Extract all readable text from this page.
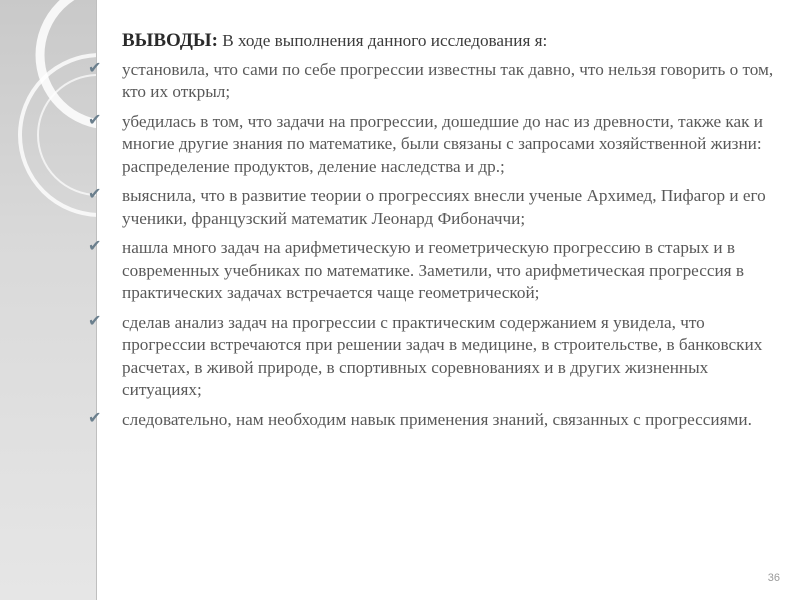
ВЫВОДЫ: В ходе выполнения данного исследования я:
✔ установила, что сами по себе прогрессии известны так давно, что нельзя говорить о том, кто их открыл;
✔ убедилась в том, что задачи на прогрессии, дошедшие до нас из древности, также как и многие другие знания по математике, были связаны с запросами хозяйственной жизни: распределение продуктов, деление наследства и др.;
✔ выяснила, что в развитие теории о прогрессиях внесли ученые Архимед, Пифагор и его ученики, французский математик Леонард Фибоначчи;
✔ нашла много задач на арифметическую и геометрическую прогрессию в старых и в современных учебниках по математике. Заметили, что арифметическая прогрессия в практических задачах встречается чаще геометрической;
✔ сделав анализ задач на прогрессии с практическим содержанием я увидела, что прогрессии встречаются при решении задач в медицине, в строительстве, в банковских расчетах, в живой природе, в спортивных соревнованиях и в других жизненных ситуациях;
✔ следовательно, нам необходим навык применения знаний, связанных с прогрессиями.
36
